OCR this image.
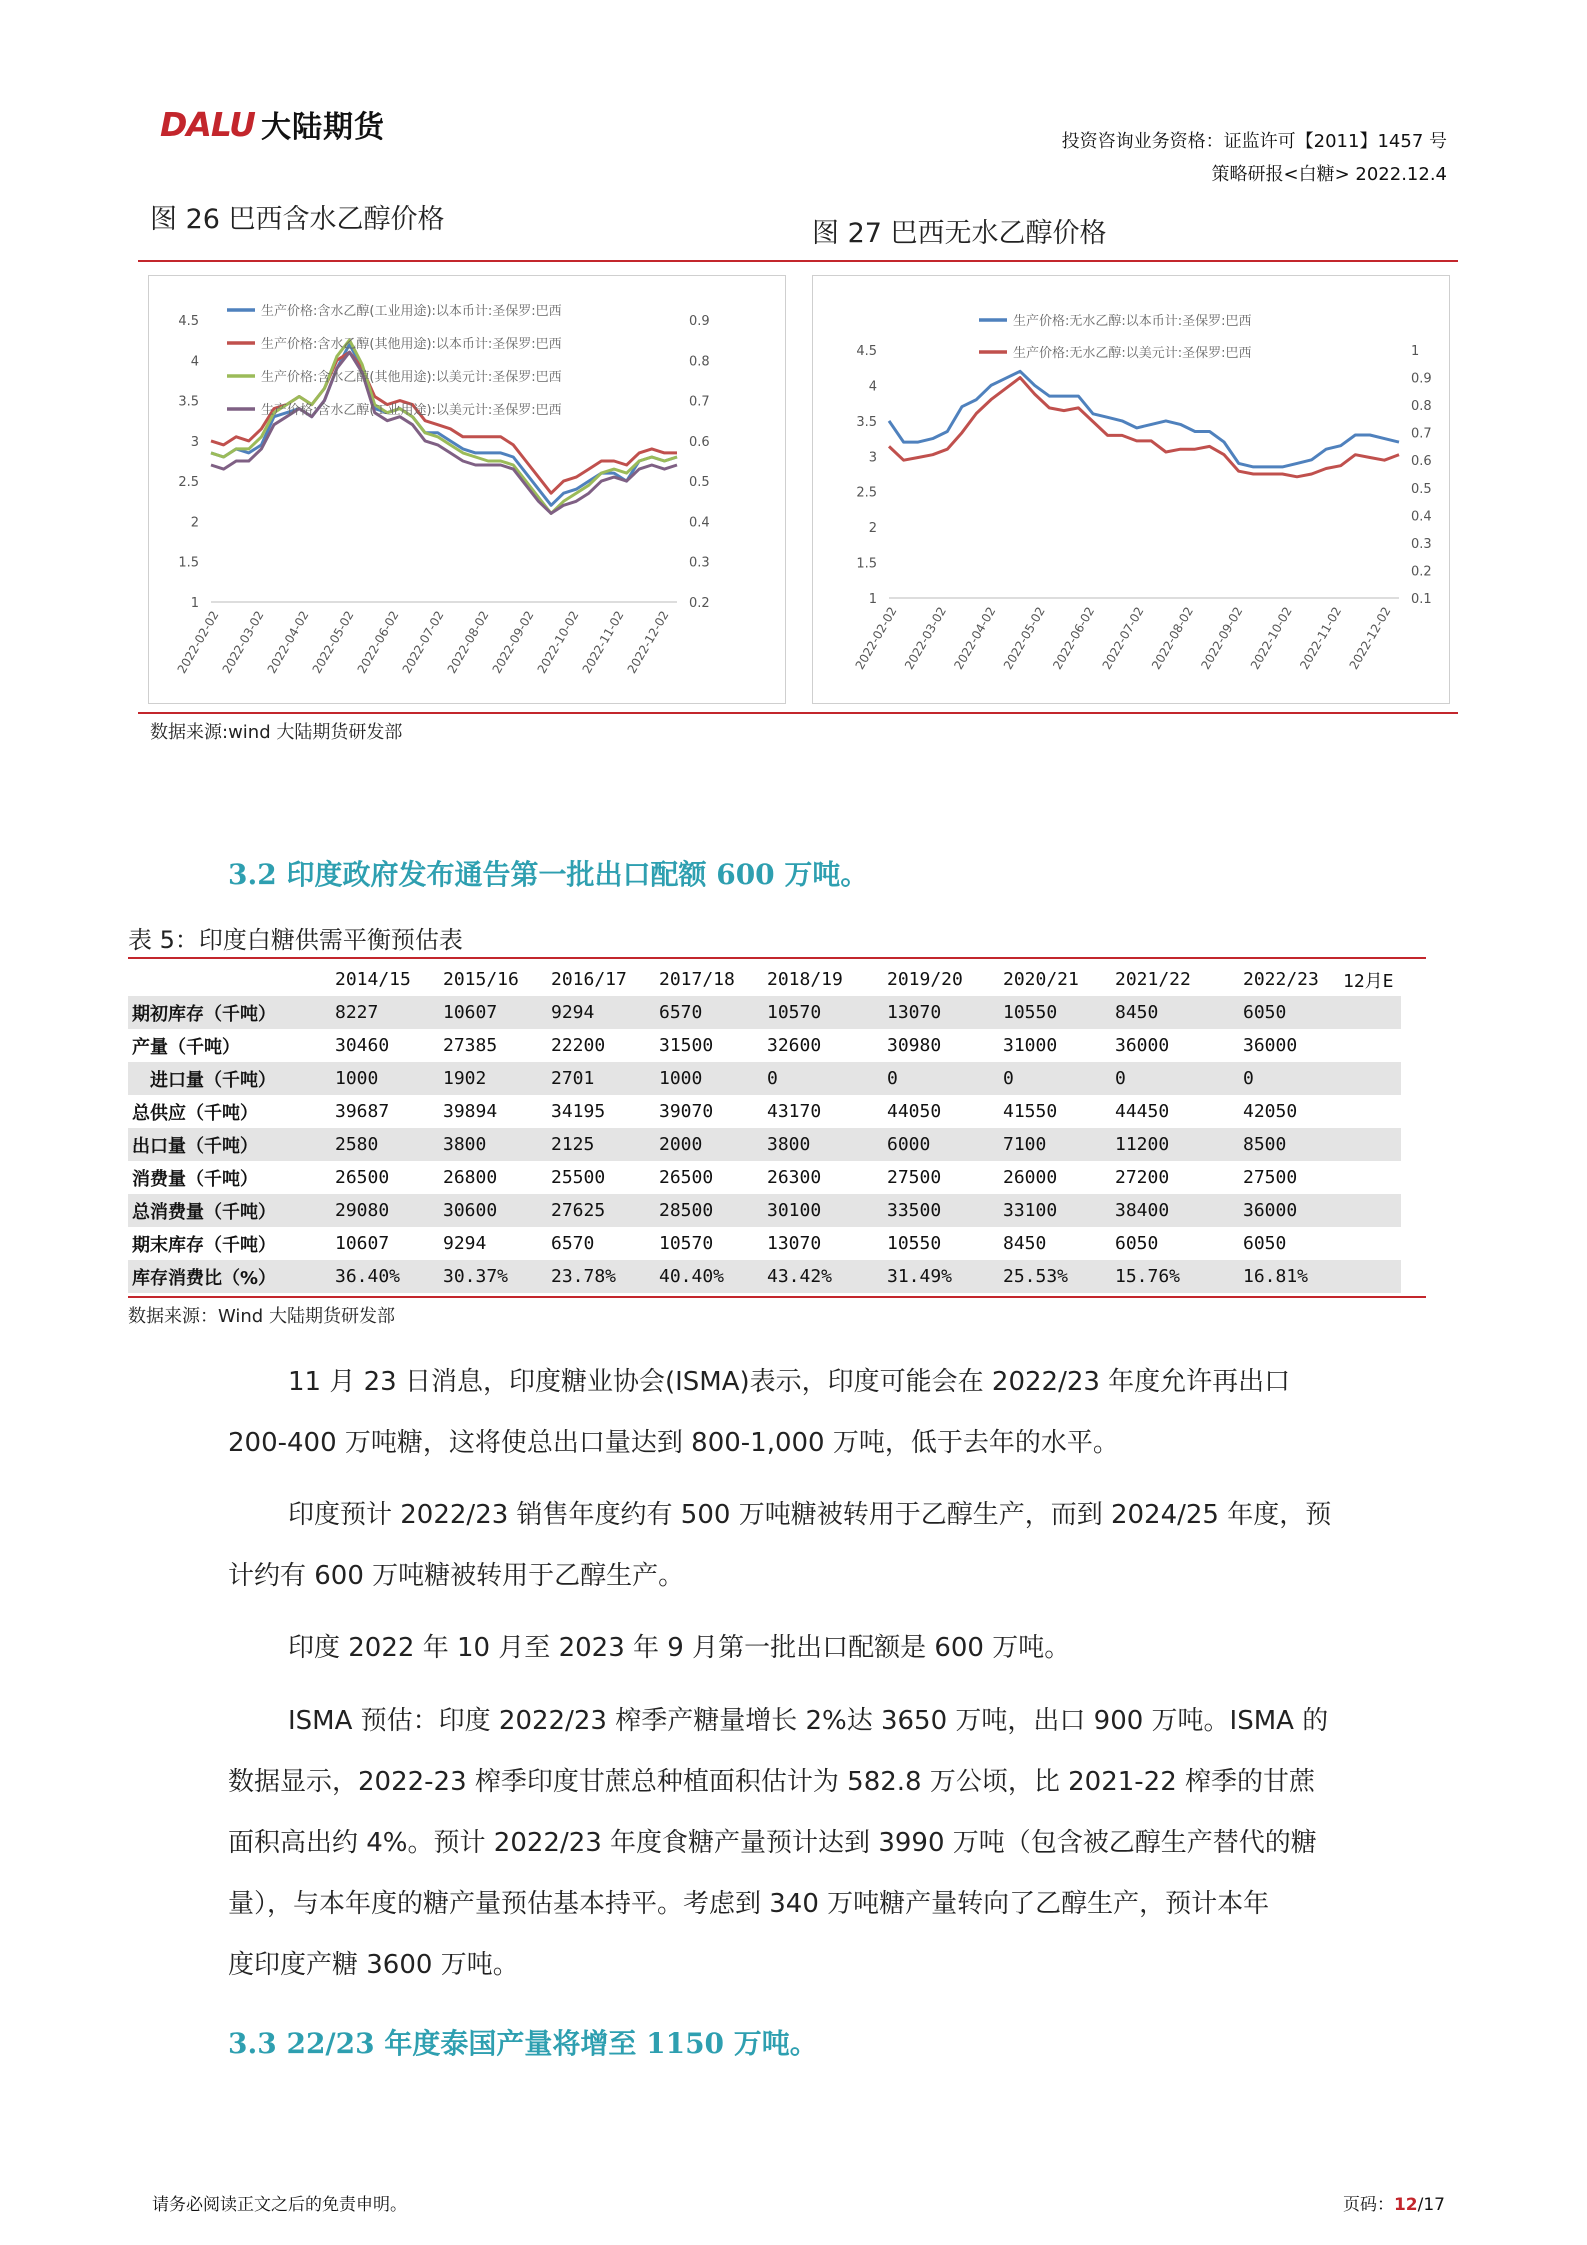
DALU 大陆期货	投资咨询业务资格：证监许可【2011】1457 号
策略研报<白糖> 2022.12.4
图 26 巴西含水乙醇价格	图 27 巴西无水乙醇价格
4.5
4
3.5
3
2.5
2
1.5
1
0.9
0.8
0.7
0.6
0.5
0.4
0.3
0.2
2022-02-02
2022-03-02
2022-04-02
2022-05-02
2022-06-02
2022-07-02
2022-08-02
2022-09-02
2022-10-02
2022-11-02
2022-12-02
生产价格:含水乙醇(工业用途):以本币计:圣保罗:巴西
生产价格:含水乙醇(其他用途):以本币计:圣保罗:巴西
生产价格:含水乙醇(其他用途):以美元计:圣保罗:巴西
生产价格:含水乙醇(工业用途):以美元计:圣保罗:巴西
4.5
4
3.5
3
2.5
2
1.5
1
1
0.9
0.8
0.7
0.6
0.5
0.4
0.3
0.2
0.1
2022-02-02 2022-03-02 2022-04-02 2022-05-02 2022-06-02 2022-07-02 2022-08-02 2022-09-02 2022-10-02 2022-11-02 2022-12-02
生产价格:无水乙醇:以本币计:圣保罗:巴西
生产价格:无水乙醇:以美元计:圣保罗:巴西
数据来源:wind 大陆期货研发部
3.2 印度政府发布通告第一批出口配额 600 万吨。
表 5：印度白糖供需平衡预估表
	2014/15	2015/16	2016/17	2017/18	2018/19	2019/20	2020/21	2021/22	2022/23	12月E
期初库存（千吨）	8227	10607	9294	6570	10570	13070	10550	8450	6050	
产量（千吨）	30460	27385	22200	31500	32600	30980	31000	36000	36000	
进口量（千吨）	1000	1902	2701	1000	0	0	0	0	0	
总供应（千吨）	39687	39894	34195	39070	43170	44050	41550	44450	42050	
出口量（千吨）	2580	3800	2125	2000	3800	6000	7100	11200	8500	
消费量（千吨）	26500	26800	25500	26500	26300	27500	26000	27200	27500	
总消费量（千吨）	29080	30600	27625	28500	30100	33500	33100	38400	36000	
期末库存（千吨）	10607	9294	6570	10570	13070	10550	8450	6050	6050	
库存消费比（%）	36.40%	30.37%	23.78%	40.40%	43.42%	31.49%	25.53%	15.76%	16.81%	
数据来源：Wind 大陆期货研发部
11 月 23 日消息，印度糖业协会(ISMA)表示，印度可能会在 2022/23 年度允许再出口
200-400 万吨糖，这将使总出口量达到 800-1,000 万吨，低于去年的水平。
印度预计 2022/23 销售年度约有 500 万吨糖被转用于乙醇生产，而到 2024/25 年度，预
计约有 600 万吨糖被转用于乙醇生产。
印度 2022 年 10 月至 2023 年 9 月第一批出口配额是 600 万吨。
ISMA 预估：印度 2022/23 榨季产糖量增长 2%达 3650 万吨，出口 900 万吨。ISMA 的
数据显示，2022-23 榨季印度甘蔗总种植面积估计为 582.8 万公顷，比 2021-22 榨季的甘蔗
面积高出约 4%。预计 2022/23 年度食糖产量预计达到 3990 万吨（包含被乙醇生产替代的糖
量），与本年度的糖产量预估基本持平。考虑到 340 万吨糖产量转向了乙醇生产，预计本年
度印度产糖 3600 万吨。
3.3 22/23 年度泰国产量将增至 1150 万吨。
请务必阅读正文之后的免责申明。	页码：12/17
